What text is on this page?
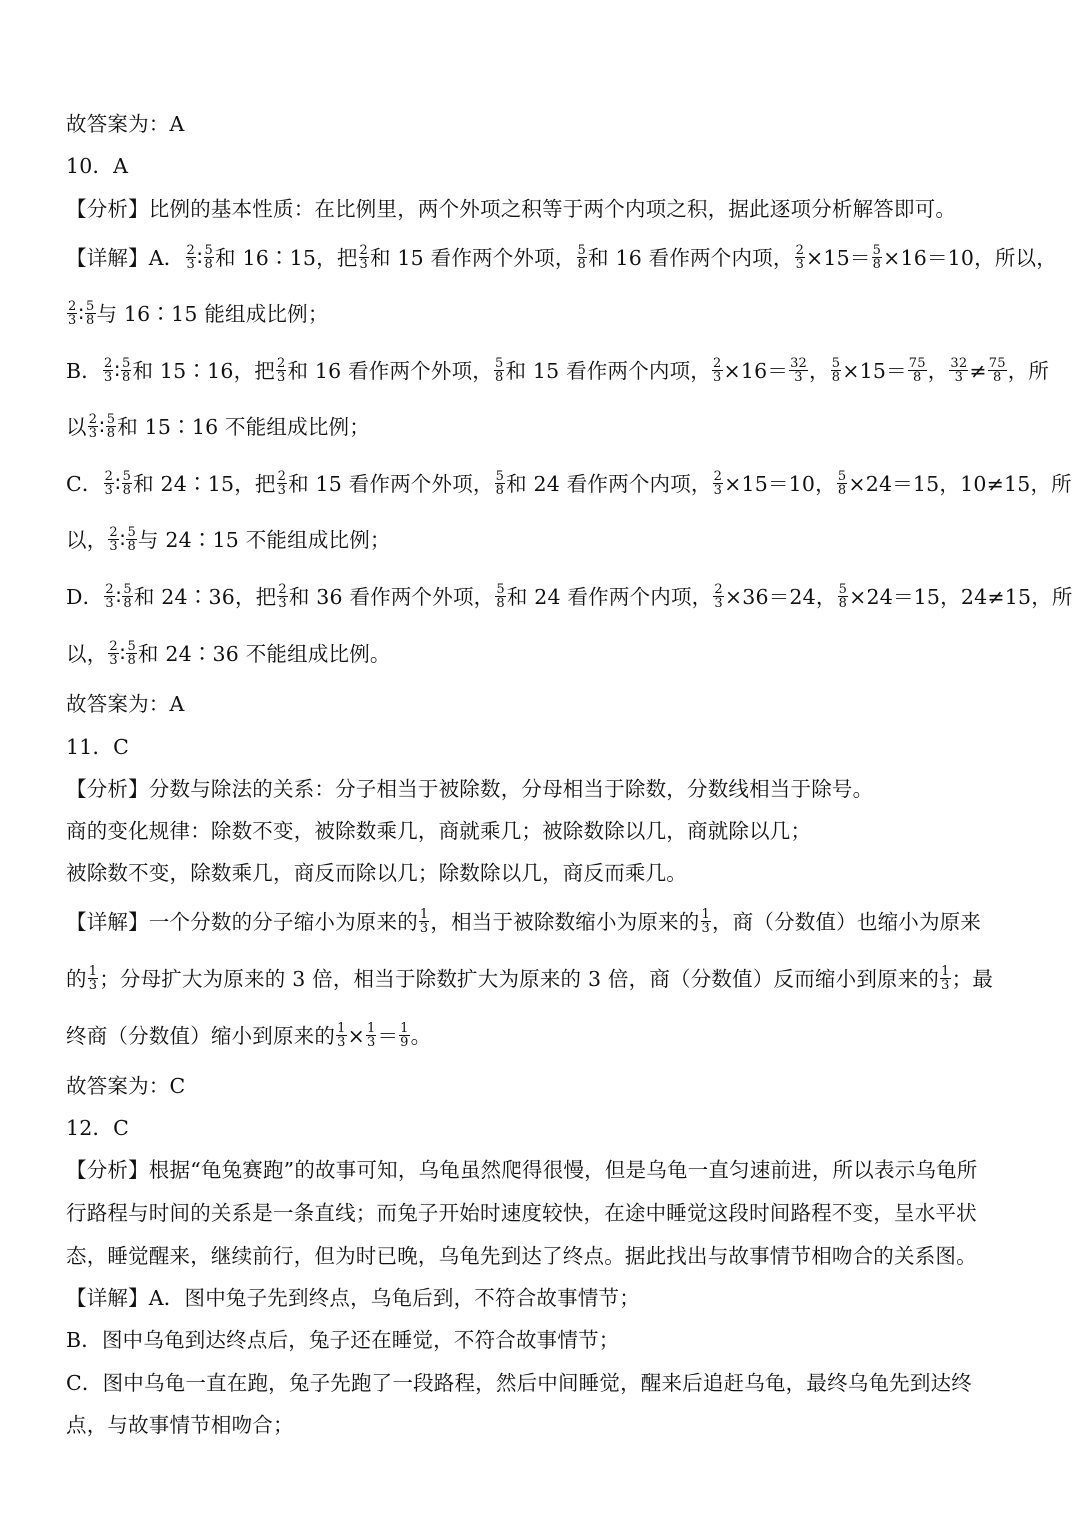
故答案为：A
10．A
【分析】比例的基本性质：在比例里，两个外项之积等于两个内项之积，据此逐项分析解答即可。
【详解】A． $\frac{2}{3}$ ∶ $\frac{5}{8}$ 和 16∶15，把 $\frac{2}{3}$ 和 15 看作两个外项， $\frac{5}{8}$ 和 16 看作两个内项， $\frac{2}{3} \times 15= \frac{5}{8} \times 16=10$，所以，
$\frac{2}{3}$ ∶ $\frac{5}{8}$ 与 16∶15 能组成比例；
B． $\frac{2}{3}$ ∶ $\frac{5}{8}$ 和 15∶16，把 $\frac{2}{3}$ 和 16 看作两个外项， $\frac{5}{8}$ 和 15 看作两个内项， $\frac{2}{3} \times 16= \frac{32}{3}$ ， $\frac{5}{8} \times 15= \frac{75}{8}$ ， $\frac{32}{3} \ne \frac{75}{8}$ ，所
以 $\frac{2}{3}$ ∶ $\frac{5}{8}$ 和 15∶16 不能组成比例；
C． $\frac{2}{3}$ ∶ $\frac{5}{8}$ 和 24∶15，把 $\frac{2}{3}$ 和 15 看作两个外项， $\frac{5}{8}$ 和 24 看作两个内项， $\frac{2}{3} \times 15=10$， $\frac{5}{8} \times 24=15$，10≠15，所
以， $\frac{2}{3}$ ∶ $\frac{5}{8}$ 与 24∶15 不能组成比例；
D． $\frac{2}{3}$ ∶ $\frac{5}{8}$ 和 24∶36，把 $\frac{2}{3}$ 和 36 看作两个外项， $\frac{5}{8}$ 和 24 看作两个内项， $\frac{2}{3} \times 36=24$， $\frac{5}{8} \times 24=15$，24≠15，所
以， $\frac{2}{3}$ ∶ $\frac{5}{8}$ 和 24∶36 不能组成比例。
故答案为：A
11．C
【分析】分数与除法的关系：分子相当于被除数，分母相当于除数，分数线相当于除号。
商的变化规律：除数不变，被除数乘几，商就乘几；被除数除以几，商就除以几；
被除数不变，除数乘几，商反而除以几；除数除以几，商反而乘几。
【详解】一个分数的分子缩小为原来的 $\frac{1}{3}$ ，相当于被除数缩小为原来的 $\frac{1}{3}$ ，商（分数值）也缩小为原来
的 $\frac{1}{3}$ ；分母扩大为原来的 3 倍，相当于除数扩大为原来的 3 倍，商（分数值）反而缩小到原来的 $\frac{1}{3}$ ；最
终商（分数值）缩小到原来的 $\frac{1}{3} \times \frac{1}{3} = \frac{1}{9}$ 。
故答案为：C
12．C
【分析】根据“龟兔赛跑”的故事可知，乌龟虽然爬得很慢，但是乌龟一直匀速前进，所以表示乌龟所
行路程与时间的关系是一条直线；而兔子开始时速度较快，在途中睡觉这段时间路程不变，呈水平状
态，睡觉醒来，继续前行，但为时已晚，乌龟先到达了终点。据此找出与故事情节相吻合的关系图。
【详解】A．图中兔子先到终点，乌龟后到，不符合故事情节；
B．图中乌龟到达终点后，兔子还在睡觉，不符合故事情节；
C．图中乌龟一直在跑，兔子先跑了一段路程，然后中间睡觉，醒来后追赶乌龟，最终乌龟先到达终
点，与故事情节相吻合；
